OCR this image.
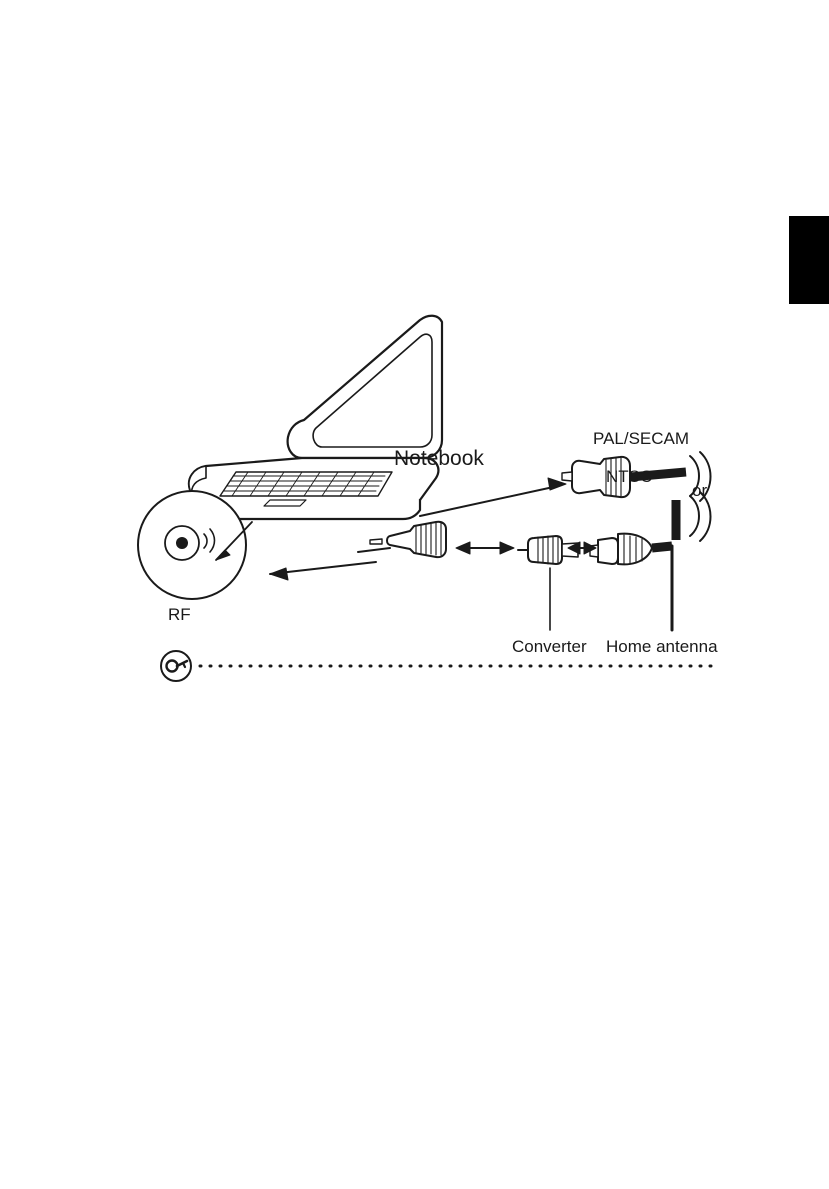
Notebook
RF
PAL/SECAM
or
Converter
NTSC
Home antenna
